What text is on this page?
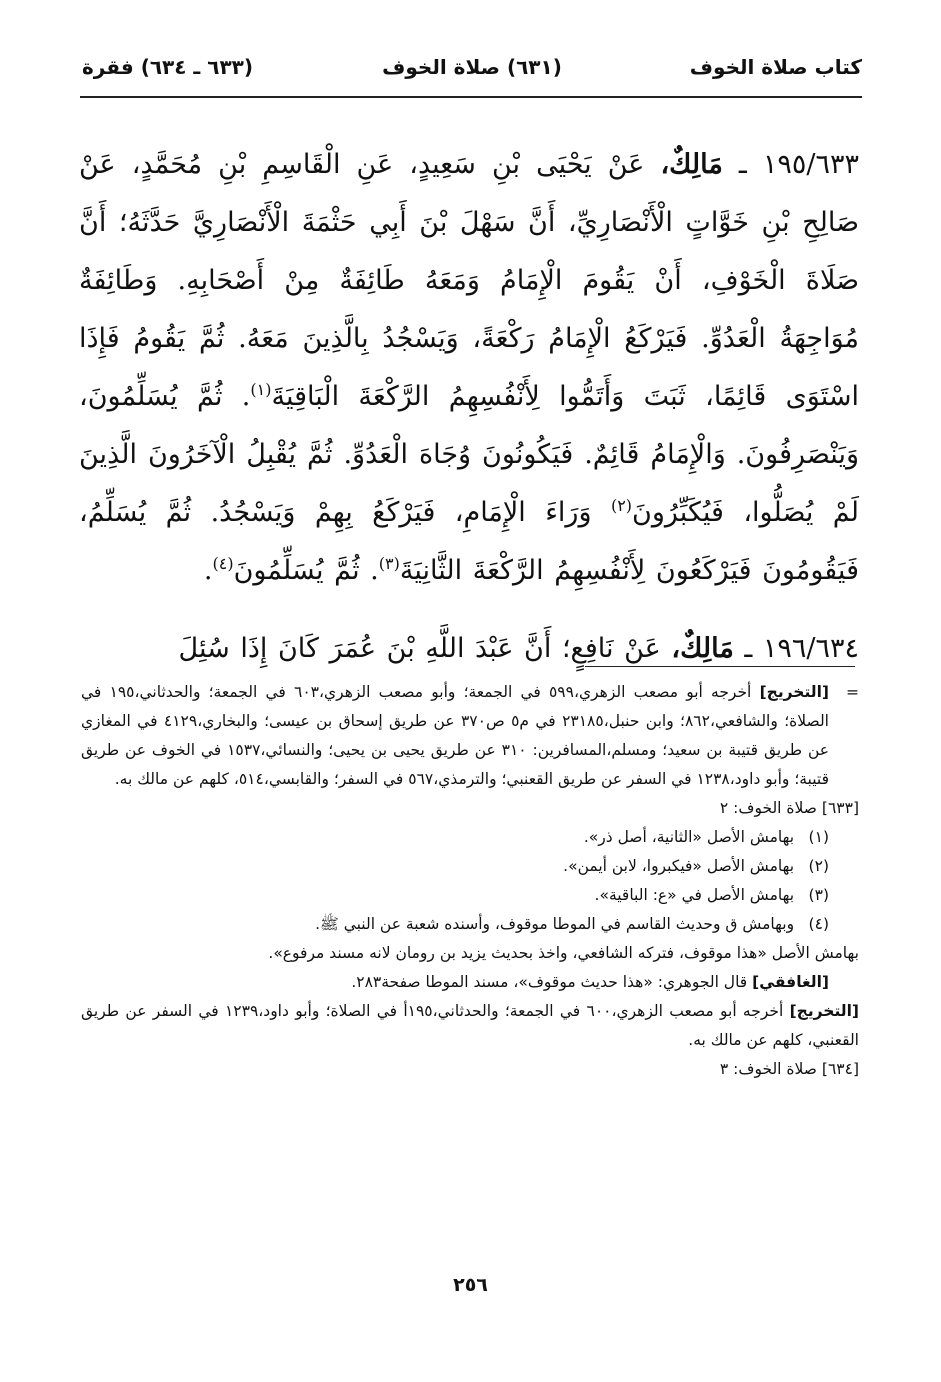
كتاب صلاة الخوف
(٦٣١) صلاة الخوف
(٦٣٣ ـ ٦٣٤) فقرة

١٩٥/٦٣٣ ـ مَالِكٌ، عَنْ يَحْيَى بْنِ سَعِيدٍ، عَنِ الْقَاسِمِ بْنِ مُحَمَّدٍ، عَنْ صَالِحِ بْنِ خَوَّاتٍ الْأَنْصَارِيِّ، أَنَّ سَهْلَ بْنَ أَبِي حَثْمَةَ الْأَنْصَارِيَّ حَدَّثَهُ؛ أَنَّ صَلَاةَ الْخَوْفِ، أَنْ يَقُومَ الْإِمَامُ وَمَعَهُ طَائِفَةٌ مِنْ أَصْحَابِهِ. وَطَائِفَةٌ مُوَاجِهَةُ الْعَدُوِّ. فَيَرْكَعُ الْإِمَامُ رَكْعَةً، وَيَسْجُدُ بِالَّذِينَ مَعَهُ. ثُمَّ يَقُومُ فَإِذَا اسْتَوَى قَائِمًا، ثَبَتَ وَأَتَمُّوا لِأَنْفُسِهِمُ الرَّكْعَةَ الْبَاقِيَةَ$^{(١)}$. ثُمَّ يُسَلِّمُونَ، وَيَنْصَرِفُونَ. وَالْإِمَامُ قَائِمٌ. فَيَكُونُونَ وُجَاهَ الْعَدُوِّ. ثُمَّ يُقْبِلُ الْآخَرُونَ الَّذِينَ لَمْ يُصَلُّوا، فَيُكَبِّرُونَ$^{(٢)}$ وَرَاءَ الْإِمَامِ، فَيَرْكَعُ بِهِمْ وَيَسْجُدُ. ثُمَّ يُسَلِّمُ، فَيَقُومُونَ فَيَرْكَعُونَ لِأَنْفُسِهِمُ الرَّكْعَةَ الثَّانِيَةَ$^{(٣)}$. ثُمَّ يُسَلِّمُونَ$^{(٤)}$.

١٩٦/٦٣٤ ـ مَالِكٌ، عَنْ نَافِعٍ؛ أَنَّ عَبْدَ اللَّهِ بْنَ عُمَرَ كَانَ إِذَا سُئِلَ

=
[التخريج] أخرجه أبو مصعب الزهري،٥٩٩ في الجمعة؛ وأبو مصعب الزهري،٦٠٣ في الجمعة؛ والحدثاني،١٩٥ في الصلاة؛ والشافعي،٨٦٢؛ وابن حنبل،٢٣١٨٥ في م٥ ص٣٧٠ عن طريق إسحاق بن عيسى؛ والبخاري،٤١٢٩ في المغازي عن طريق قتيبة بن سعيد؛ ومسلم،المسافرين: ٣١٠ عن طريق يحيى بن يحيى؛ والنسائي،١٥٣٧ في الخوف عن طريق قتيبة؛ وأبو داود،١٢٣٨ في السفر عن طريق القعنبي؛ والترمذي،٥٦٧ في السفر؛ والقابسي،٥١٤، كلهم عن مالك به.

[٦٣٣] صلاة الخوف: ٢

(١) بهامش الأصل «الثانية، أصل ذر».

(٢) بهامش الأصل «فيكبروا، لابن أيمن».

(٣) بهامش الأصل في «ع: الباقية».

(٤) وبهامش ق وحديث القاسم في الموطا موقوف، وأسنده شعبة عن النبي ﷺ.

بهامش الأصل «هذا موقوف، فتركه الشافعي، واخذ بحديث يزيد بن رومان لانه مسند مرفوع».

[الغافقي] قال الجوهري: «هذا حديث موقوف»، مسند الموطا صفحة٢٨٣.

[التخريج] أخرجه أبو مصعب الزهري،٦٠٠ في الجمعة؛ والحدثاني،١٩٥أ في الصلاة؛ وأبو داود،١٢٣٩ في السفر عن طريق القعنبي، كلهم عن مالك به.

[٦٣٤] صلاة الخوف: ٣

٢٥٦
